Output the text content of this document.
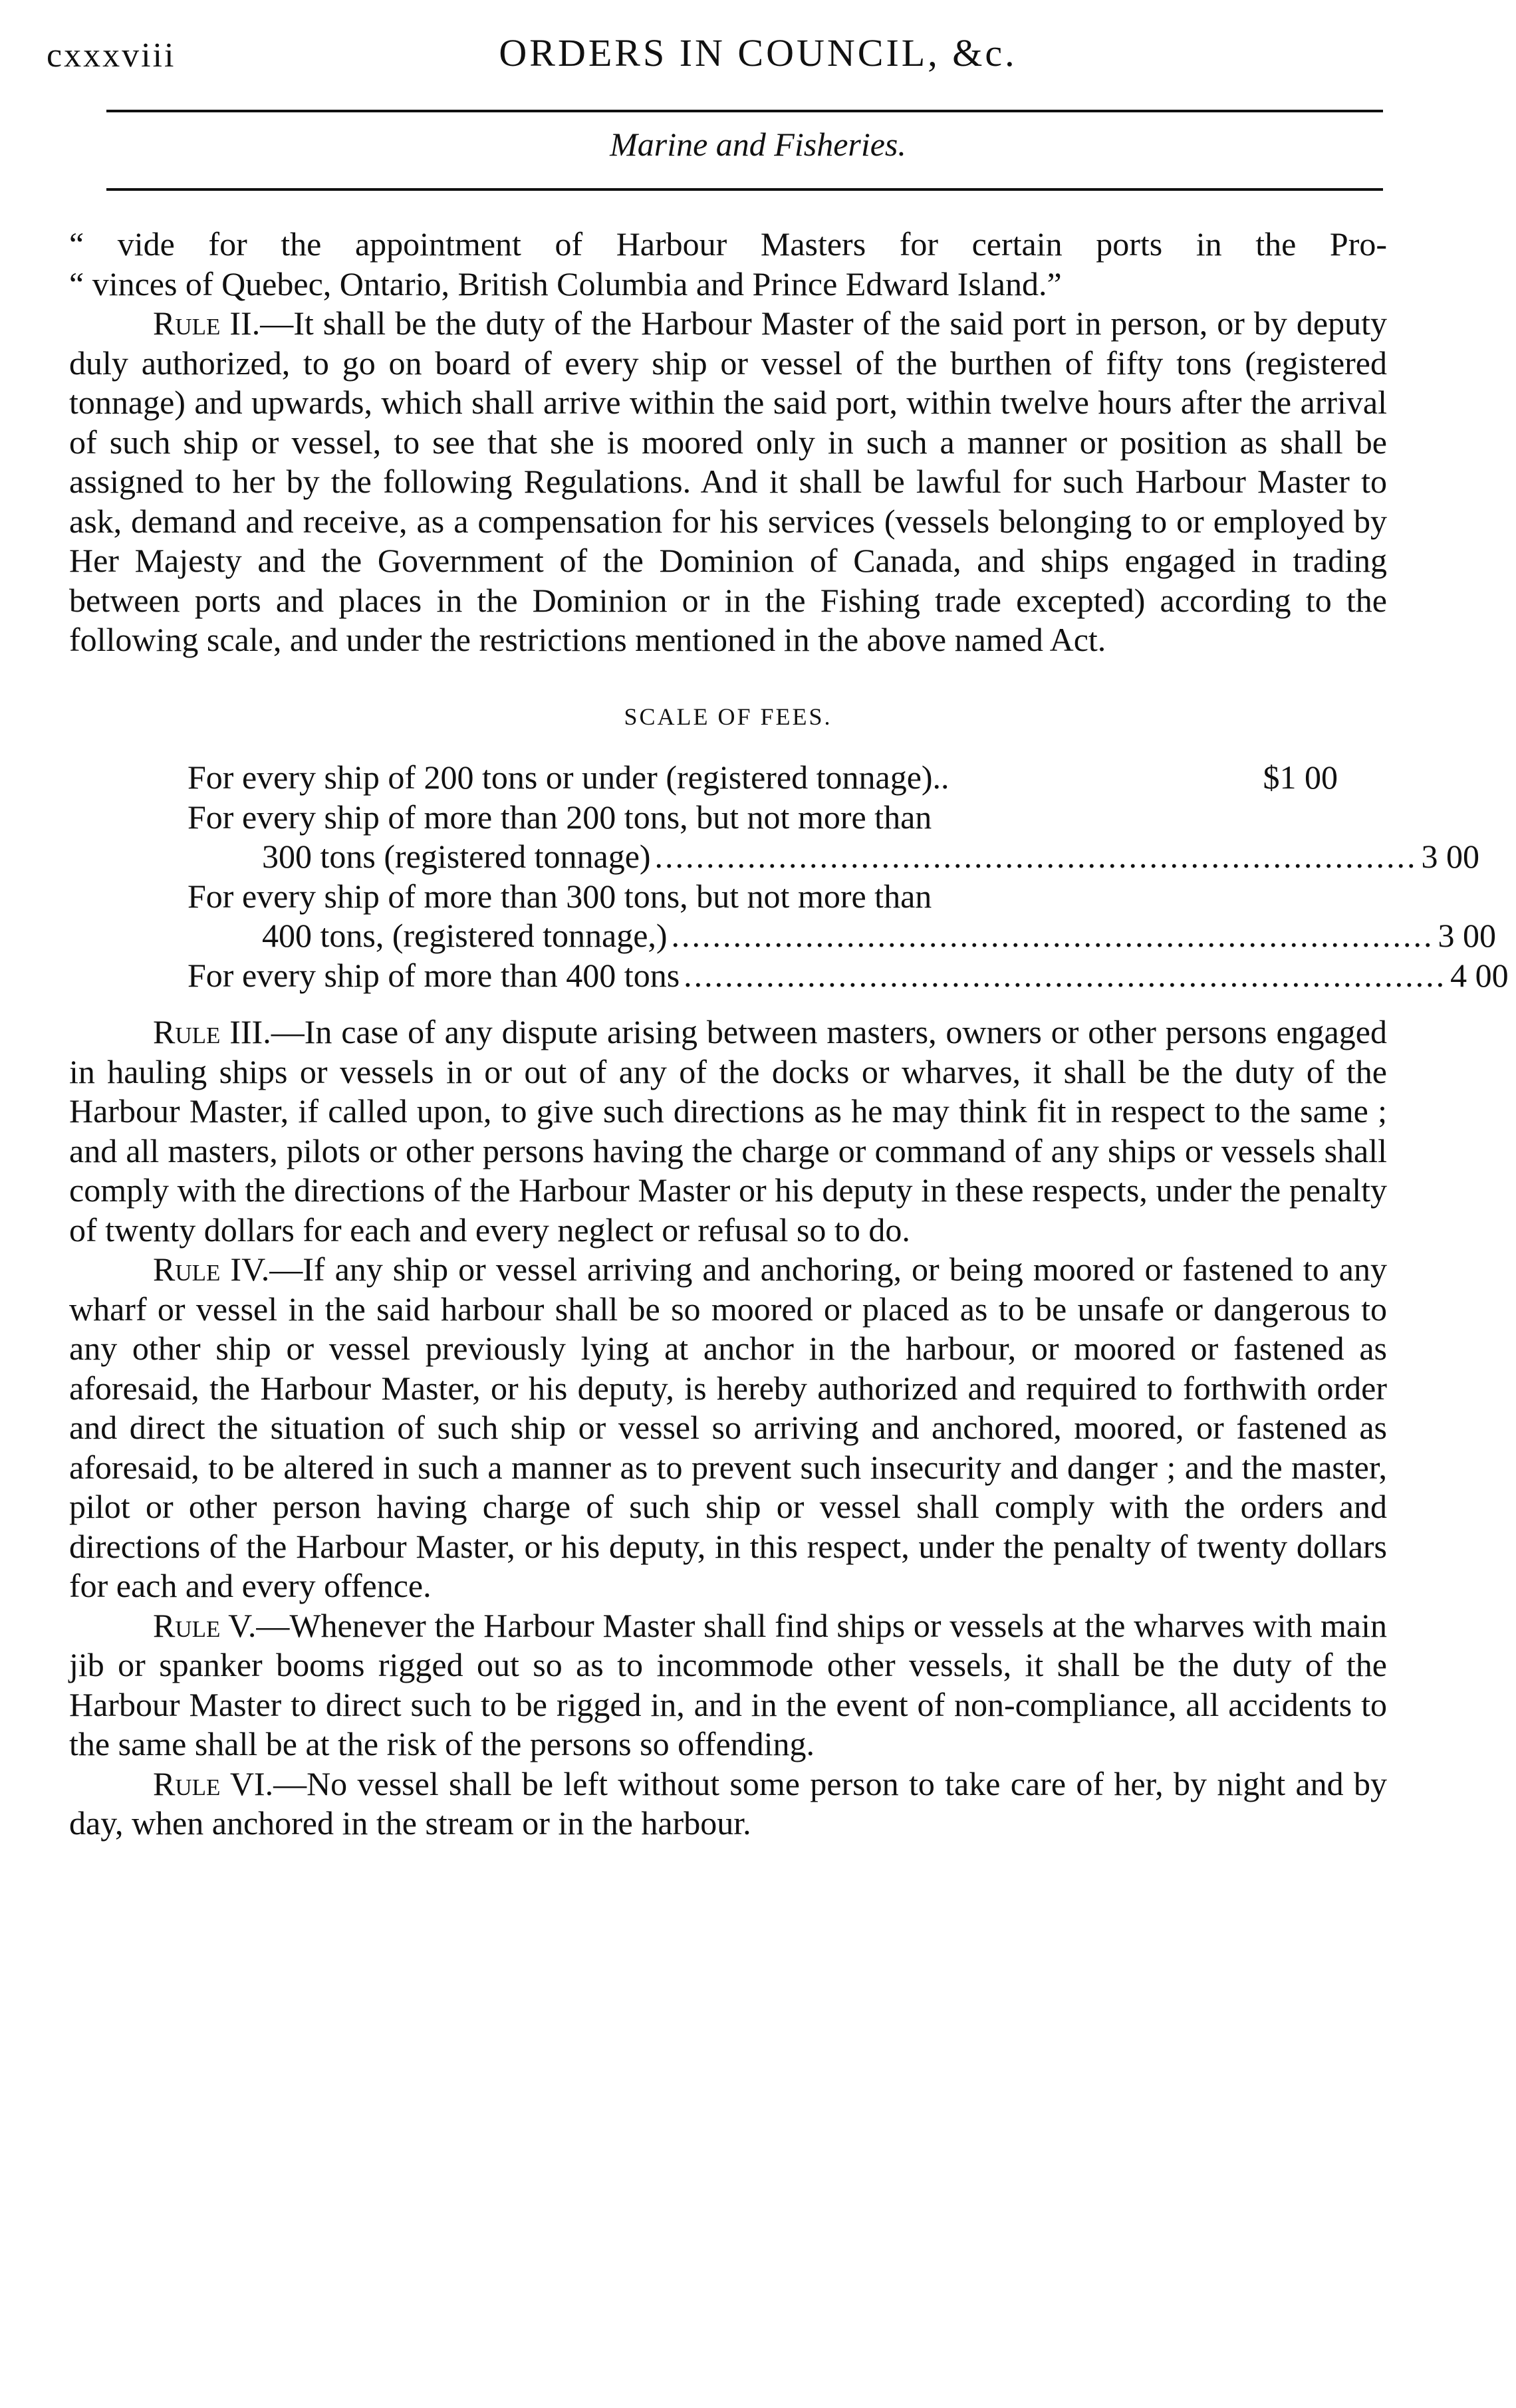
cxxxviii	ORDERS IN COUNCIL, &c.
Marine and Fisheries.

“ vide for the appointment of Harbour Masters for certain ports in the Pro-
“ vinces of Quebec, Ontario, British Columbia and Prince Edward Island.”

Rule II.—It shall be the duty of the Harbour Master of the said port in person, or by deputy duly authorized, to go on board of every ship or vessel of the burthen of fifty tons (registered tonnage) and upwards, which shall arrive within the said port, within twelve hours after the arrival of such ship or vessel, to see that she is moored only in such a manner or position as shall be assigned to her by the following Regulations. And it shall be lawful for such Harbour Master to ask, demand and receive, as a compensation for his services (vessels belonging to or employed by Her Majesty and the Government of the Dominion of Canada, and ships engaged in trading between ports and places in the Dominion or in the Fishing trade excepted) according to the following scale, and under the restrictions mentioned in the above named Act.

SCALE OF FEES.
For every ship of 200 tons or under (registered tonnage)..	$1 00
For every ship of more than 200 tons, but not more than
300 tons (registered tonnage) .......................................................................... 3 00
For every ship of more than 300 tons, but not more than
400 tons, (registered tonnage,) .......................................................................... 3 00
For every ship of more than 400 tons .......................................................................... 4 00

Rule III.—In case of any dispute arising between masters, owners or other persons engaged in hauling ships or vessels in or out of any of the docks or wharves, it shall be the duty of the Harbour Master, if called upon, to give such directions as he may think fit in respect to the same ; and all masters, pilots or other persons having the charge or command of any ships or vessels shall comply with the directions of the Harbour Master or his deputy in these respects, under the penalty of twenty dollars for each and every neglect or refusal so to do.

Rule IV.—If any ship or vessel arriving and anchoring, or being moored or fastened to any wharf or vessel in the said harbour shall be so moored or placed as to be unsafe or dangerous to any other ship or vessel previously lying at anchor in the harbour, or moored or fastened as aforesaid, the Harbour Master, or his deputy, is hereby authorized and required to forthwith order and direct the situation of such ship or vessel so arriving and anchored, moored, or fastened as aforesaid, to be altered in such a manner as to prevent such insecurity and danger ; and the master, pilot or other person having charge of such ship or vessel shall comply with the orders and directions of the Harbour Master, or his deputy, in this respect, under the penalty of twenty dollars for each and every offence.

Rule V.—Whenever the Harbour Master shall find ships or vessels at the wharves with main jib or spanker booms rigged out so as to incommode other vessels, it shall be the duty of the Harbour Master to direct such to be rigged in, and in the event of non-compliance, all accidents to the same shall be at the risk of the persons so offending.

Rule VI.—No vessel shall be left without some person to take care of her, by night and by day, when anchored in the stream or in the harbour.
